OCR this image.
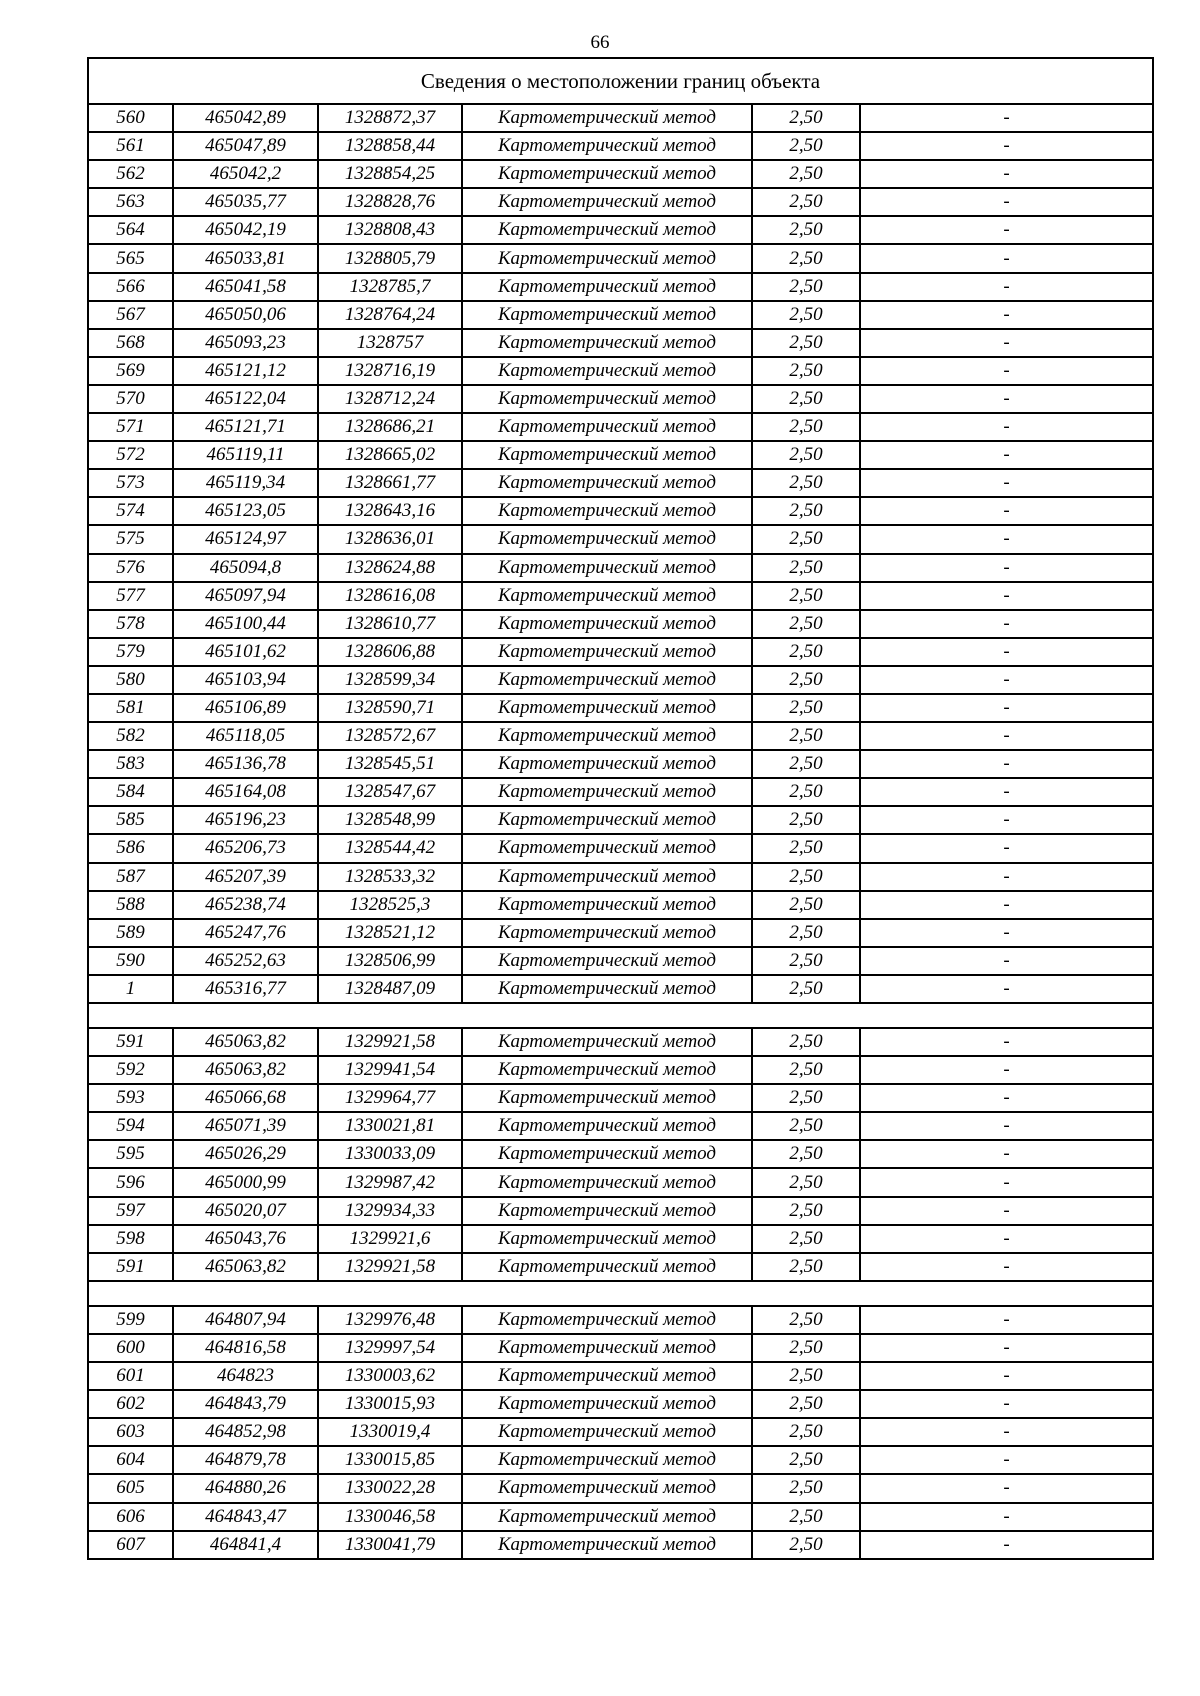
66
Сведения о местоположении границ объекта					
560	465042,89	1328872,37	Картометрический метод	2,50	-
561	465047,89	1328858,44	Картометрический метод	2,50	-
562	465042,2	1328854,25	Картометрический метод	2,50	-
563	465035,77	1328828,76	Картометрический метод	2,50	-
564	465042,19	1328808,43	Картометрический метод	2,50	-
565	465033,81	1328805,79	Картометрический метод	2,50	-
566	465041,58	1328785,7	Картометрический метод	2,50	-
567	465050,06	1328764,24	Картометрический метод	2,50	-
568	465093,23	1328757	Картометрический метод	2,50	-
569	465121,12	1328716,19	Картометрический метод	2,50	-
570	465122,04	1328712,24	Картометрический метод	2,50	-
571	465121,71	1328686,21	Картометрический метод	2,50	-
572	465119,11	1328665,02	Картометрический метод	2,50	-
573	465119,34	1328661,77	Картометрический метод	2,50	-
574	465123,05	1328643,16	Картометрический метод	2,50	-
575	465124,97	1328636,01	Картометрический метод	2,50	-
576	465094,8	1328624,88	Картометрический метод	2,50	-
577	465097,94	1328616,08	Картометрический метод	2,50	-
578	465100,44	1328610,77	Картометрический метод	2,50	-
579	465101,62	1328606,88	Картометрический метод	2,50	-
580	465103,94	1328599,34	Картометрический метод	2,50	-
581	465106,89	1328590,71	Картометрический метод	2,50	-
582	465118,05	1328572,67	Картометрический метод	2,50	-
583	465136,78	1328545,51	Картометрический метод	2,50	-
584	465164,08	1328547,67	Картометрический метод	2,50	-
585	465196,23	1328548,99	Картометрический метод	2,50	-
586	465206,73	1328544,42	Картометрический метод	2,50	-
587	465207,39	1328533,32	Картометрический метод	2,50	-
588	465238,74	1328525,3	Картометрический метод	2,50	-
589	465247,76	1328521,12	Картометрический метод	2,50	-
590	465252,63	1328506,99	Картометрический метод	2,50	-
1	465316,77	1328487,09	Картометрический метод	2,50	-

591	465063,82	1329921,58	Картометрический метод	2,50	-
592	465063,82	1329941,54	Картометрический метод	2,50	-
593	465066,68	1329964,77	Картометрический метод	2,50	-
594	465071,39	1330021,81	Картометрический метод	2,50	-
595	465026,29	1330033,09	Картометрический метод	2,50	-
596	465000,99	1329987,42	Картометрический метод	2,50	-
597	465020,07	1329934,33	Картометрический метод	2,50	-
598	465043,76	1329921,6	Картометрический метод	2,50	-
591	465063,82	1329921,58	Картометрический метод	2,50	-

599	464807,94	1329976,48	Картометрический метод	2,50	-
600	464816,58	1329997,54	Картометрический метод	2,50	-
601	464823	1330003,62	Картометрический метод	2,50	-
602	464843,79	1330015,93	Картометрический метод	2,50	-
603	464852,98	1330019,4	Картометрический метод	2,50	-
604	464879,78	1330015,85	Картометрический метод	2,50	-
605	464880,26	1330022,28	Картометрический метод	2,50	-
606	464843,47	1330046,58	Картометрический метод	2,50	-
607	464841,4	1330041,79	Картометрический метод	2,50	-
